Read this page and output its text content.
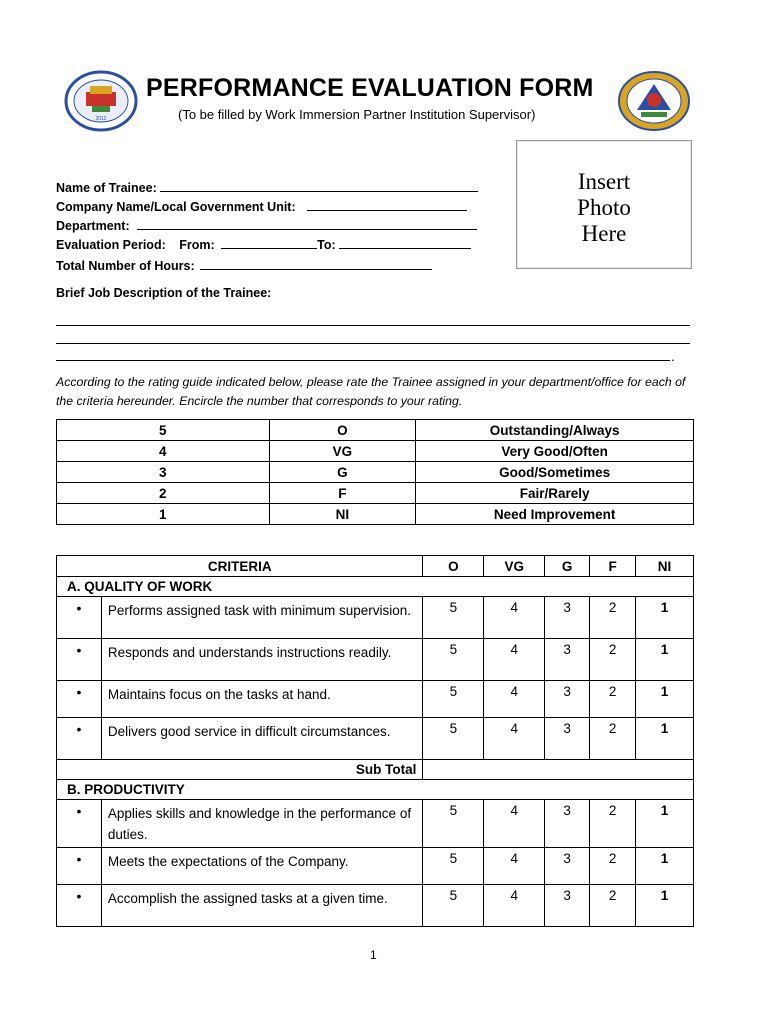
2012
PERFORMANCE EVALUATION FORM
(To be filled by Work Immersion Partner Institution Supervisor)
Insert
Photo
Here
Name of Trainee:
Company Name/Local Government Unit:
Department:
Evaluation Period: From:	To:
Total Number of Hours:
Brief Job Description of the Trainee:
.
According to the rating guide indicated below, please rate the Trainee assigned in your department/office for each of the criteria hereunder. Encircle the number that corresponds to your rating.
5	O	Outstanding/Always
4	VG	Very Good/Often
3	G	Good/Sometimes
2	F	Fair/Rarely
1	NI	Need Improvement
CRITERIA		O	VG	G	F	NI
A. QUALITY OF WORK						
•	Performs assigned task with minimum supervision.	5	4	3	2	1
•	Responds and understands instructions readily.	5	4	3	2	1
•	Maintains focus on the tasks at hand.	5	4	3	2	1
•	Delivers good service in difficult circumstances.	5	4	3	2	1
Sub Total						
B. PRODUCTIVITY						
•	Applies skills and knowledge in the performance of duties.	5	4	3	2	1
•	Meets the expectations of the Company.	5	4	3	2	1
•	Accomplish the assigned tasks at a given time.	5	4	3	2	1
1
